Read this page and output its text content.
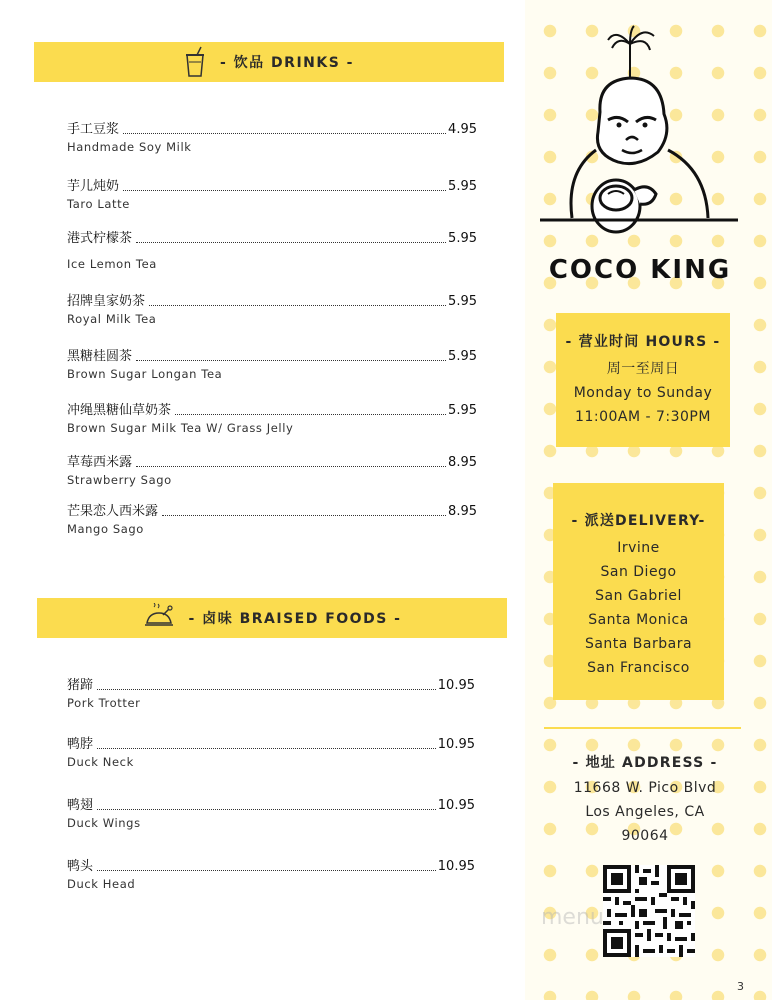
- 饮品 DRINKS -
手工豆浆	4.95
Handmade Soy Milk
芋儿炖奶	5.95
Taro Latte
港式柠檬茶	5.95
Ice Lemon Tea
招牌皇家奶茶	5.95
Royal Milk Tea
黑糖桂圆茶	5.95
Brown Sugar Longan Tea
冲绳黑糖仙草奶茶	5.95
Brown Sugar Milk Tea W/ Grass Jelly
草莓西米露	8.95
Strawberry Sago
芒果恋人西米露	8.95
Mango Sago
- 卤味 BRAISED FOODS -
猪蹄	10.95
Pork Trotter
鸭脖	10.95
Duck Neck
鸭翅	10.95
Duck Wings
鸭头	10.95
Duck Head
COCO KING
- 营业时间 HOURS -
周一至周日
Monday to Sunday
11:00AM - 7:30PM
- 派送DELIVERY-
Irvine
San Diego
San Gabriel
Santa Monica
Santa Barbara
San Francisco
- 地址 ADDRESS -
11668 W. Pico Blvd
Los Angeles, CA
90064
menu
3
